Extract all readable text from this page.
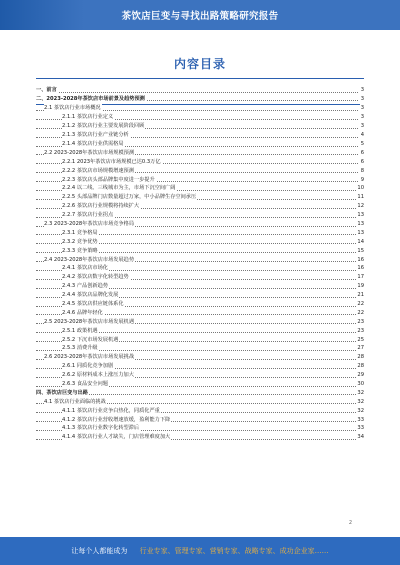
茶饮店巨变与寻找出路策略研究报告
内容目录
一、前言	3
二、2023-2028年茶饮店市场前景及趋势预测	3
2.1 茶饮店行业市场概况	3
2.1.1 茶饮店行业定义	3
2.1.2 茶饮店行业主要发展阶段回顾	3
2.1.3 茶饮店行业产业链分析	4
2.1.4 茶饮店行业供需格局	5
2.2 2023-2028年茶饮店市场规模预测	6
2.2.1 2023年茶饮店市场规模已达0.3万亿	6
2.2.2 茶饮店市场规模增速预测	8
2.2.3 茶饮店头部品牌集中度进一步提升	9
2.2.4 以二线、三线城市为主，市场下沉空间广阔	10
2.2.5 头部品牌门店数量超过万家，中小品牌生存空间承压	11
2.2.6 茶饮店行业规模将持续扩大	12
2.2.7 茶饮店行业拐点	13
2.3 2023-2028年茶饮店市场竞争格局	13
2.3.1 竞争格局	13
2.3.2 竞争优势	14
2.3.3 竞争策略	15
2.4 2023-2028年茶饮店市场发展趋势	16
2.4.1 茶饮店市场化	16
2.4.2 茶饮店数字化转型趋势	17
2.4.3 产品创新趋势	19
2.4.4 茶饮店品牌化发展	21
2.4.5 茶饮店供应链体系化	22
2.4.6 品牌年轻化	22
2.5 2023-2028年茶饮店市场发展机遇	23
2.5.1 政策机遇	23
2.5.2 下沉市场发展机遇	25
2.5.3 消费升级	27
2.6 2023-2028年茶饮店市场发展挑战	28
2.6.1 同质化竞争加剧	28
2.6.2 原材料成本上涨压力加大	29
2.6.3 食品安全问题	30
四、茶饮店巨变与出路	32
4.1 茶饮店行业面临的挑战	32
4.1.1 茶饮店行业竞争白热化，同质化严重	32
4.1.2 茶饮店行业营收增速放缓，盈利能力下降	33
4.1.3 茶饮店行业数字化转型滞后	33
4.1.4 茶饮店行业人才缺失，门店管理难度加大	34
2
让每个人都能成为 行业专家、管理专家、营销专家、战略专家、成功企业家……
